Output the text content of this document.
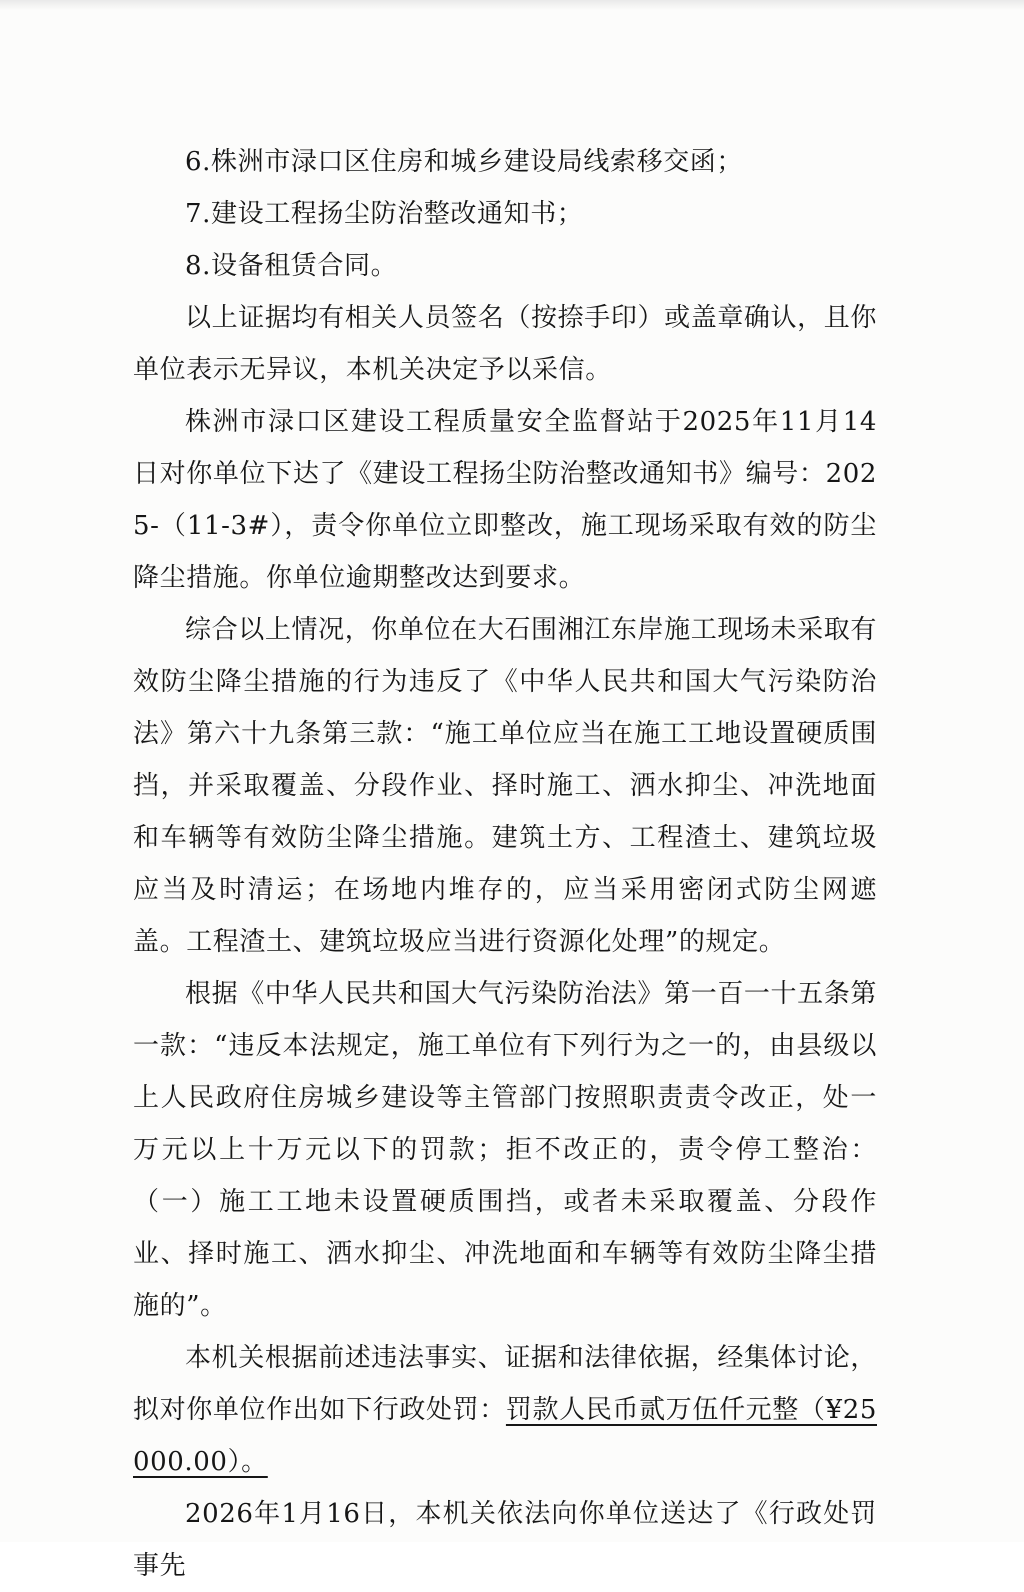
6.株洲市渌口区住房和城乡建设局线索移交函；

7.建设工程扬尘防治整改通知书；

8.设备租赁合同。

以上证据均有相关人员签名（按捺手印）或盖章确认，且你单位表示无异议，本机关决定予以采信。

株洲市渌口区建设工程质量安全监督站于2025年11月14日对你单位下达了《建设工程扬尘防治整改通知书》编号：2025-（11-3#），责令你单位立即整改，施工现场采取有效的防尘降尘措施。你单位逾期整改达到要求。

综合以上情况，你单位在大石围湘江东岸施工现场未采取有效防尘降尘措施的行为违反了《中华人民共和国大气污染防治法》第六十九条第三款：“施工单位应当在施工工地设置硬质围挡，并采取覆盖、分段作业、择时施工、洒水抑尘、冲洗地面和车辆等有效防尘降尘措施。建筑土方、工程渣土、建筑垃圾应当及时清运；在场地内堆存的，应当采用密闭式防尘网遮盖。工程渣土、建筑垃圾应当进行资源化处理”的规定。

根据《中华人民共和国大气污染防治法》第一百一十五条第一款：“违反本法规定，施工单位有下列行为之一的，由县级以上人民政府住房城乡建设等主管部门按照职责责令改正，处一万元以上十万元以下的罚款；拒不改正的，责令停工整治：（一）施工工地未设置硬质围挡，或者未采取覆盖、分段作业、择时施工、洒水抑尘、冲洗地面和车辆等有效防尘降尘措施的”。

本机关根据前述违法事实、证据和法律依据，经集体讨论，拟对你单位作出如下行政处罚：罚款人民币贰万伍仟元整（¥25000.00）。

2026年1月16日，本机关依法向你单位送达了《行政处罚事先
